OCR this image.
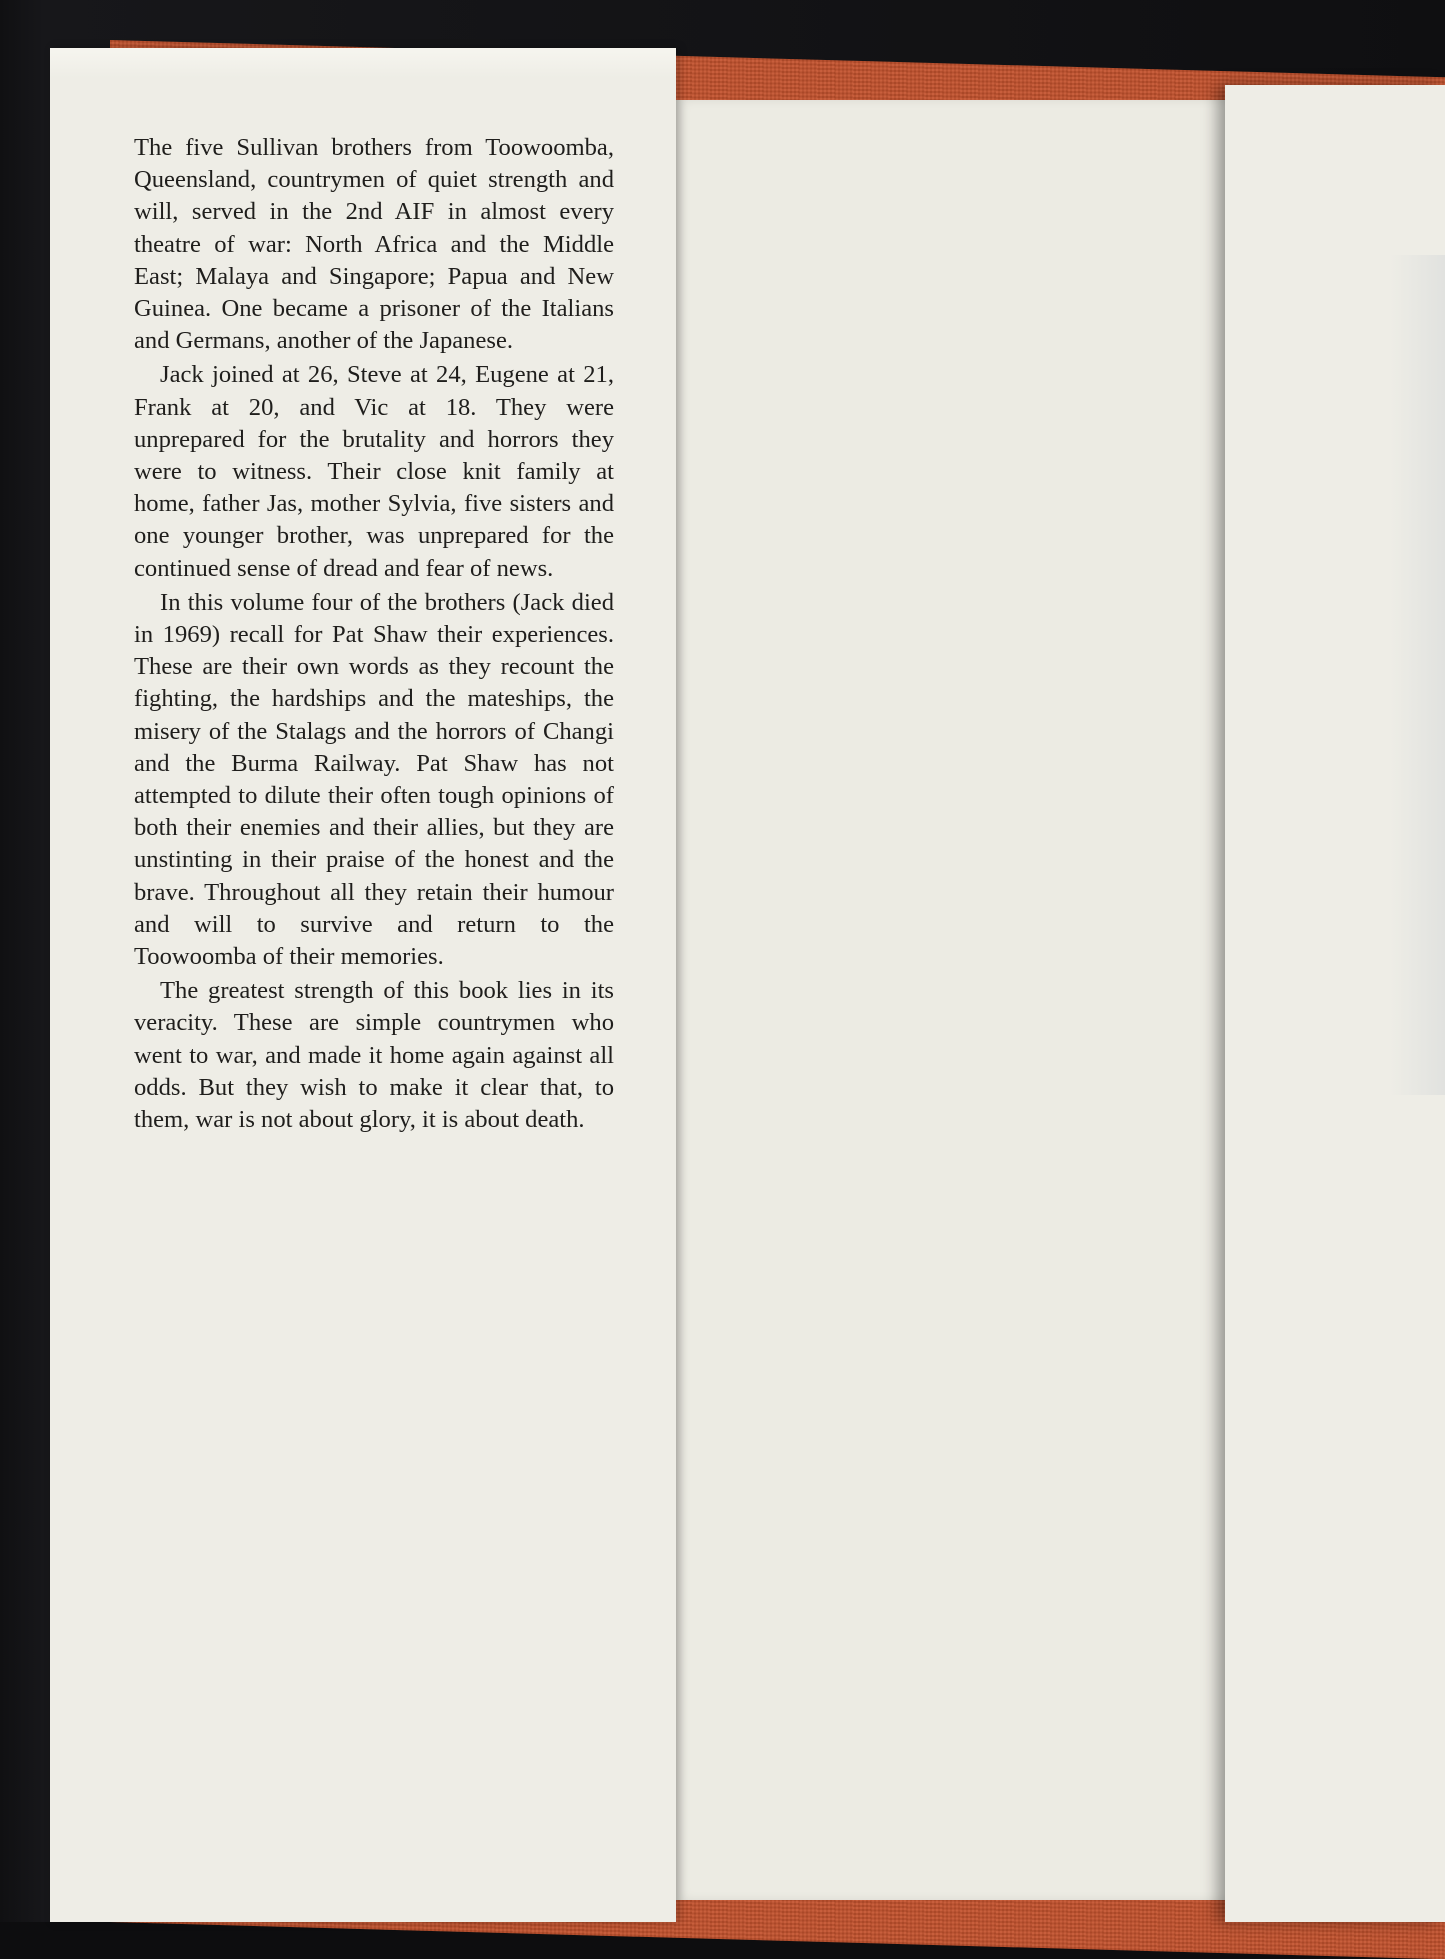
The five Sullivan brothers from Toowoomba, Queensland, countrymen of quiet strength and will, served in the 2nd AIF in almost every theatre of war: North Africa and the Middle East; Malaya and Singapore; Papua and New Guinea. One became a prisoner of the Italians and Germans, another of the Japanese.

Jack joined at 26, Steve at 24, Eugene at 21, Frank at 20, and Vic at 18. They were unprepared for the brutality and horrors they were to witness. Their close knit family at home, father Jas, mother Sylvia, five sisters and one younger brother, was unprepared for the continued sense of dread and fear of news.

In this volume four of the brothers (Jack died in 1969) recall for Pat Shaw their experiences. These are their own words as they recount the fighting, the hardships and the mateships, the misery of the Stalags and the horrors of Changi and the Burma Railway. Pat Shaw has not attempted to dilute their often tough opinions of both their enemies and their allies, but they are unstinting in their praise of the honest and the brave. Throughout all they retain their humour and will to survive and return to the Toowoomba of their memories.

The greatest strength of this book lies in its veracity. These are simple countrymen who went to war, and made it home again against all odds. But they wish to make it clear that, to them, war is not about glory, it is about death.
